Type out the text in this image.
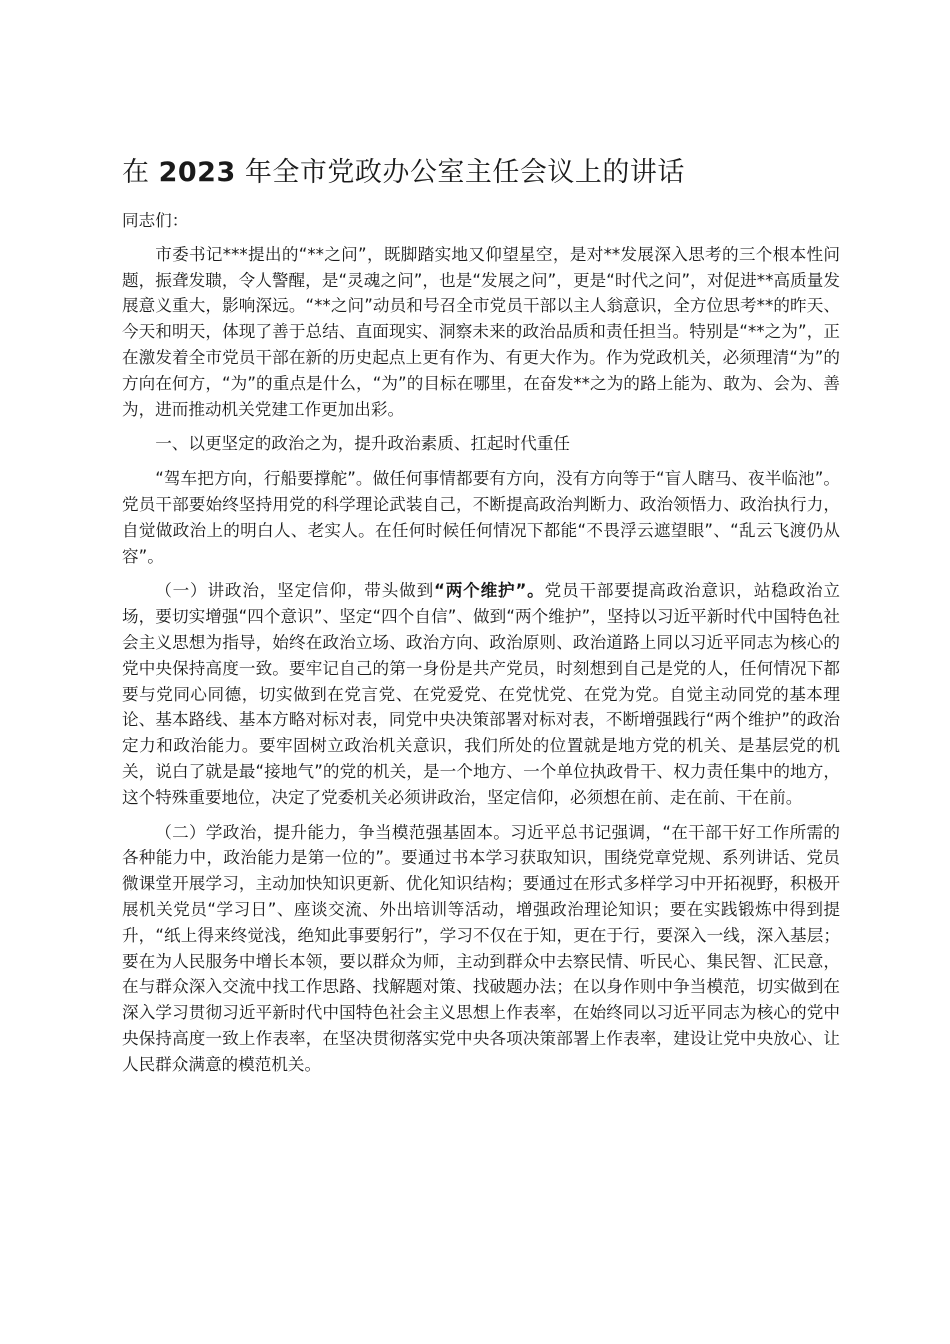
在 2023 年全市党政办公室主任会议上的讲话

同志们：

市委书记***提出的“**之问”，既脚踏实地又仰望星空，是对**发展深入思考的三个根本性问题，振聋发聩，令人警醒，是“灵魂之问”，也是“发展之问”，更是“时代之问”，对促进**高质量发展意义重大，影响深远。“**之问”动员和号召全市党员干部以主人翁意识，全方位思考**的昨天、今天和明天，体现了善于总结、直面现实、洞察未来的政治品质和责任担当。特别是“**之为”，正在激发着全市党员干部在新的历史起点上更有作为、有更大作为。作为党政机关，必须理清“为”的方向在何方，“为”的重点是什么，“为”的目标在哪里，在奋发**之为的路上能为、敢为、会为、善为，进而推动机关党建工作更加出彩。

一、以更坚定的政治之为，提升政治素质、扛起时代重任

“驾车把方向，行船要撑舵”。做任何事情都要有方向，没有方向等于“盲人瞎马、夜半临池”。党员干部要始终坚持用党的科学理论武装自己，不断提高政治判断力、政治领悟力、政治执行力，自觉做政治上的明白人、老实人。在任何时候任何情况下都能“不畏浮云遮望眼”、“乱云飞渡仍从容”。

（一）讲政治，坚定信仰，带头做到“两个维护”。党员干部要提高政治意识，站稳政治立场，要切实增强“四个意识”、坚定“四个自信”、做到“两个维护”，坚持以习近平新时代中国特色社会主义思想为指导，始终在政治立场、政治方向、政治原则、政治道路上同以习近平同志为核心的党中央保持高度一致。要牢记自己的第一身份是共产党员，时刻想到自己是党的人，任何情况下都要与党同心同德，切实做到在党言党、在党爱党、在党忧党、在党为党。自觉主动同党的基本理论、基本路线、基本方略对标对表，同党中央决策部署对标对表，不断增强践行“两个维护”的政治定力和政治能力。要牢固树立政治机关意识，我们所处的位置就是地方党的机关、是基层党的机关，说白了就是最“接地气”的党的机关，是一个地方、一个单位执政骨干、权力责任集中的地方，这个特殊重要地位，决定了党委机关必须讲政治，坚定信仰，必须想在前、走在前、干在前。

（二）学政治，提升能力，争当模范强基固本。习近平总书记强调，“在干部干好工作所需的各种能力中，政治能力是第一位的”。要通过书本学习获取知识，围绕党章党规、系列讲话、党员微课堂开展学习，主动加快知识更新、优化知识结构；要通过在形式多样学习中开拓视野，积极开展机关党员“学习日”、座谈交流、外出培训等活动，增强政治理论知识；要在实践锻炼中得到提升，“纸上得来终觉浅，绝知此事要躬行”，学习不仅在于知，更在于行，要深入一线，深入基层；要在为人民服务中增长本领，要以群众为师，主动到群众中去察民情、听民心、集民智、汇民意，在与群众深入交流中找工作思路、找解题对策、找破题办法；在以身作则中争当模范，切实做到在深入学习贯彻习近平新时代中国特色社会主义思想上作表率，在始终同以习近平同志为核心的党中央保持高度一致上作表率，在坚决贯彻落实党中央各项决策部署上作表率，建设让党中央放心、让人民群众满意的模范机关。
